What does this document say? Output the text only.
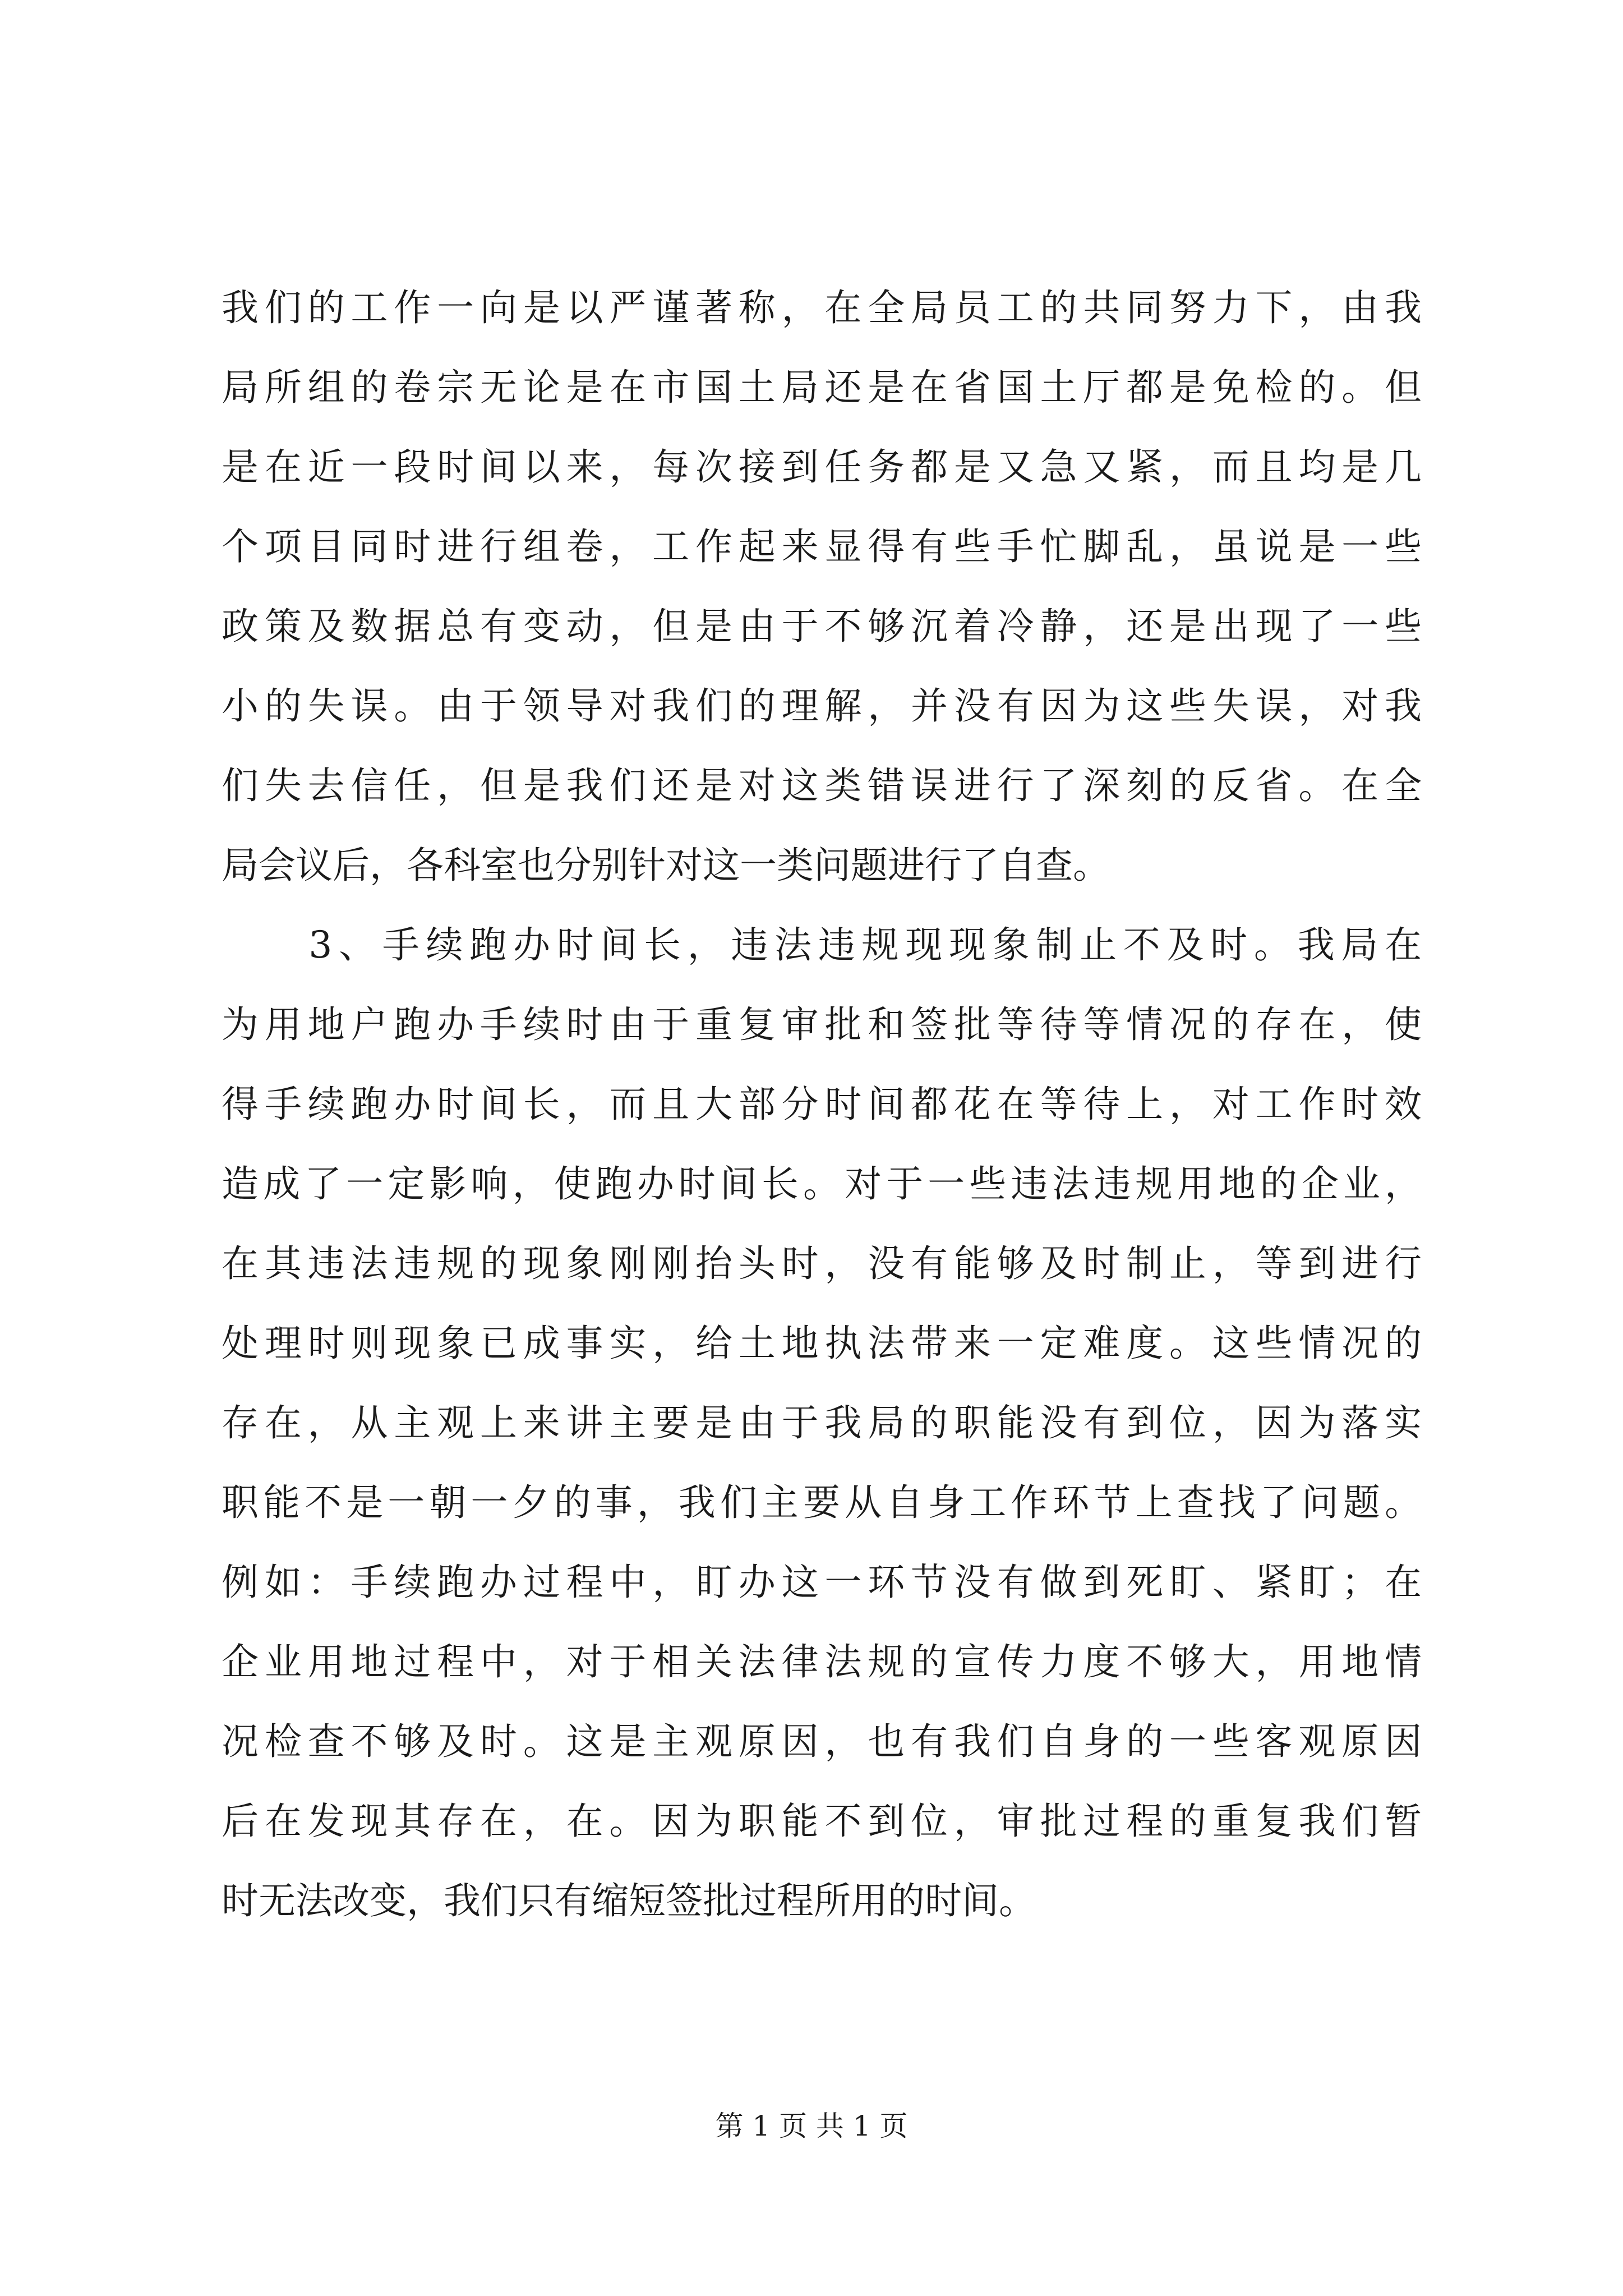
我们的工作一向是以严谨著称，在全局员工的共同努力下，由我
局所组的卷宗无论是在市国土局还是在省国土厅都是免检的。但
是在近一段时间以来，每次接到任务都是又急又紧，而且均是几
个项目同时进行组卷，工作起来显得有些手忙脚乱，虽说是一些
政策及数据总有变动，但是由于不够沉着冷静，还是出现了一些
小的失误。由于领导对我们的理解，并没有因为这些失误，对我
们失去信任，但是我们还是对这类错误进行了深刻的反省。在全
局会议后，各科室也分别针对这一类问题进行了自查。
　　3、手续跑办时间长，违法违规现现象制止不及时。我局在
为用地户跑办手续时由于重复审批和签批等待等情况的存在，使
得手续跑办时间长，而且大部分时间都花在等待上，对工作时效
造成了一定影响，使跑办时间长。对于一些违法违规用地的企业，
在其违法违规的现象刚刚抬头时，没有能够及时制止，等到进行
处理时则现象已成事实，给土地执法带来一定难度。这些情况的
存在，从主观上来讲主要是由于我局的职能没有到位，因为落实
职能不是一朝一夕的事，我们主要从自身工作环节上查找了问题。
例如：手续跑办过程中，盯办这一环节没有做到死盯、紧盯；在
企业用地过程中，对于相关法律法规的宣传力度不够大，用地情
况检查不够及时。这是主观原因，也有我们自身的一些客观原因
后在发现其存在，在。因为职能不到位，审批过程的重复我们暂
时无法改变，我们只有缩短签批过程所用的时间。
第 1 页 共 1 页
